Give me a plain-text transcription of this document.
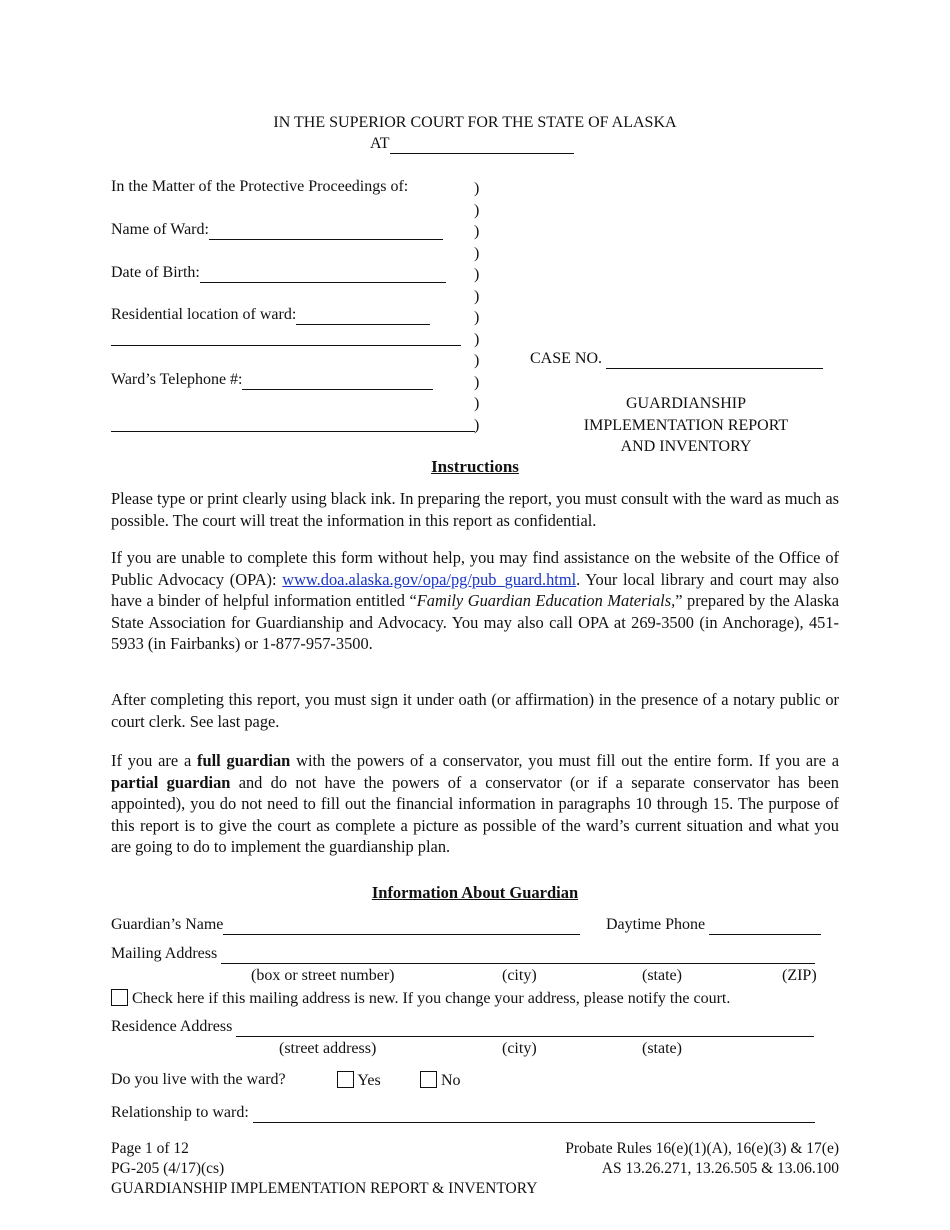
IN THE SUPERIOR COURT FOR THE STATE OF ALASKA
AT
In the Matter of the Protective Proceedings of:
Name of Ward:
Date of Birth:
Residential location of ward:
Ward’s Telephone #:
)
)
)
)
)
)
)
)
)
)
)
)
CASE NO.
GUARDIANSHIP
IMPLEMENTATION REPORT
AND INVENTORY
Instructions
Please type or print clearly using black ink. In preparing the report, you must consult with the ward as much as possible. The court will treat the information in this report as confidential.
If you are unable to complete this form without help, you may find assistance on the website of the Office of Public Advocacy (OPA): www.doa.alaska.gov/opa/pg/pub_guard.html. Your local library and court may also have a binder of helpful information entitled “Family Guardian Education Materials,” prepared by the Alaska State Association for Guardianship and Advocacy. You may also call OPA at 269-3500 (in Anchorage), 451-5933 (in Fairbanks) or 1-877-957-3500.
After completing this report, you must sign it under oath (or affirmation) in the presence of a notary public or court clerk. See last page.
If you are a full guardian with the powers of a conservator, you must fill out the entire form. If you are a partial guardian and do not have the powers of a conservator (or if a separate conservator has been appointed), you do not need to fill out the financial information in paragraphs 10 through 15. The purpose of this report is to give the court as complete a picture as possible of the ward’s current situation and what you are going to do to implement the guardianship plan.
Information About Guardian
Guardian’s Name	Daytime Phone
Mailing Address
(box or street number)	(city)	(state)	(ZIP)
Check here if this mailing address is new. If you change your address, please notify the court.
Residence Address
(street address)	(city)	(state)
Do you live with the ward?	Yes	No
Relationship to ward:
Page 1 of 12
PG-205 (4/17)(cs)
GUARDIANSHIP IMPLEMENTATION REPORT & INVENTORY
Probate Rules 16(e)(1)(A), 16(e)(3) & 17(e)
AS 13.26.271, 13.26.505 & 13.06.100
